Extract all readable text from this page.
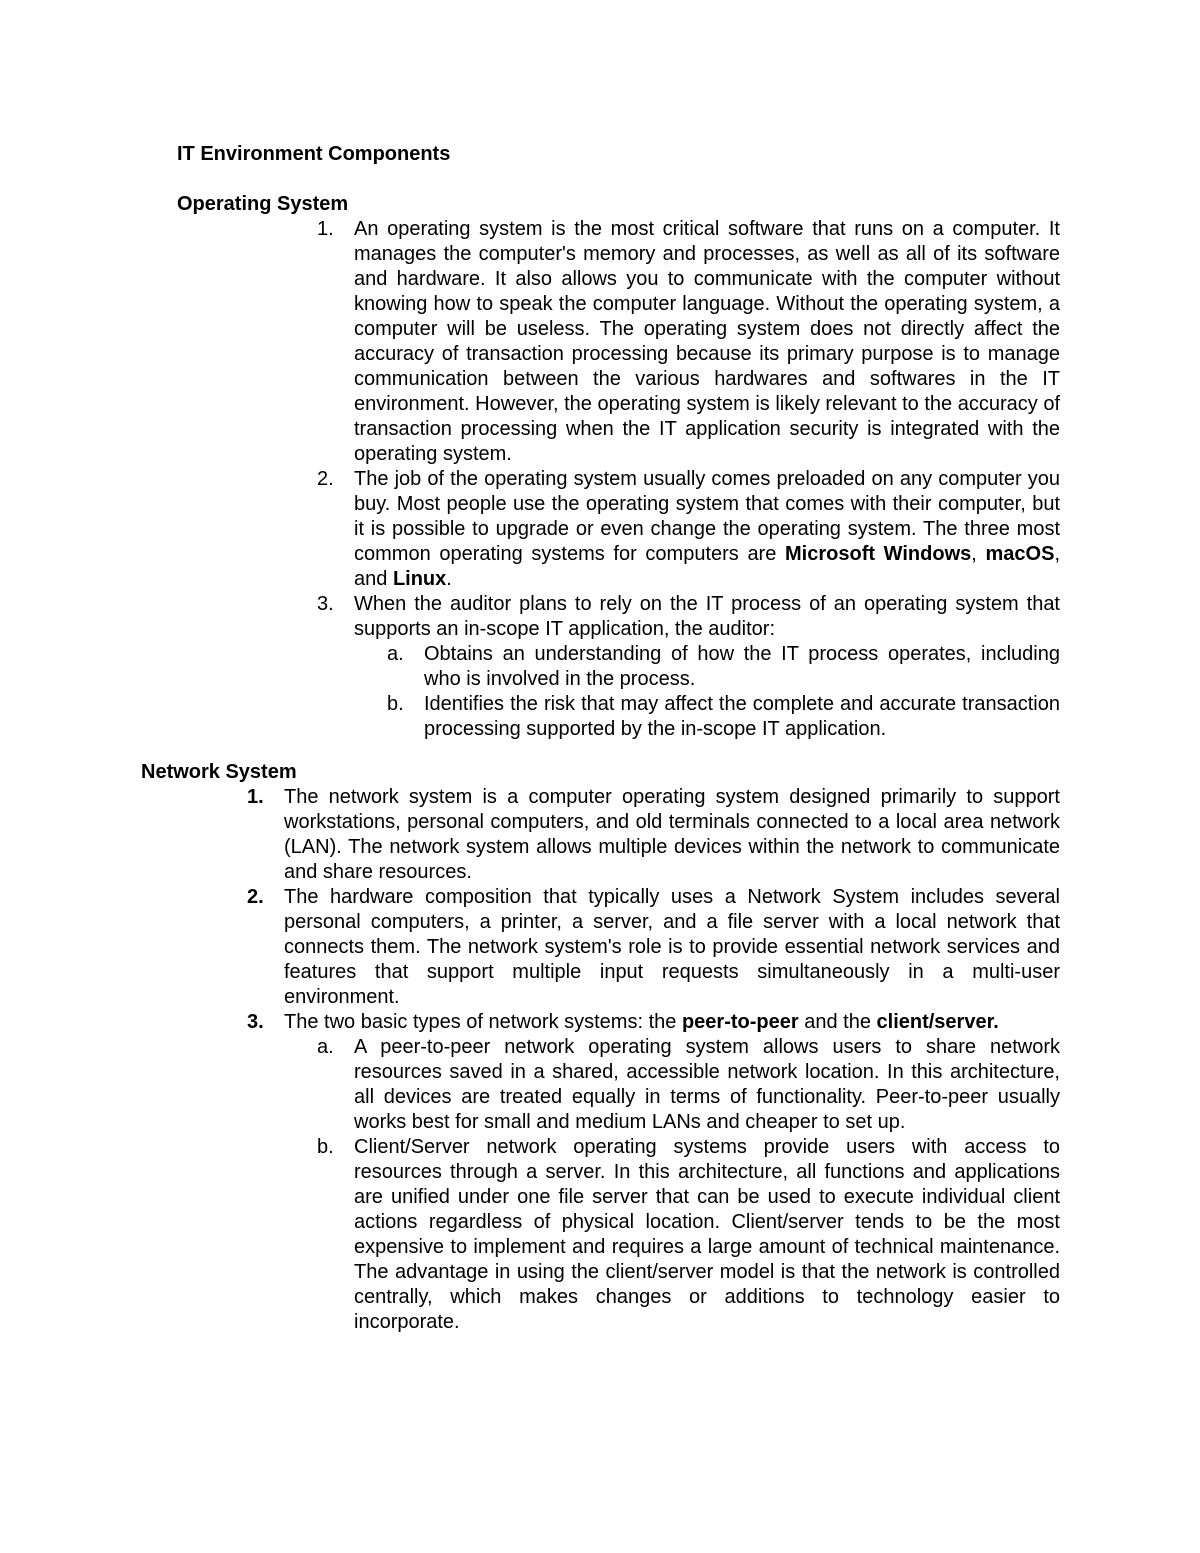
IT Environment Components
Operating System
1. An operating system is the most critical software that runs on a computer. It manages the computer's memory and processes, as well as all of its software and hardware. It also allows you to communicate with the computer without knowing how to speak the computer language. Without the operating system, a computer will be useless. The operating system does not directly affect the accuracy of transaction processing because its primary purpose is to manage communication between the various hardwares and softwares in the IT environment. However, the operating system is likely relevant to the accuracy of transaction processing when the IT application security is integrated with the operating system.
2. The job of the operating system usually comes preloaded on any computer you buy. Most people use the operating system that comes with their computer, but it is possible to upgrade or even change the operating system. The three most common operating systems for computers are Microsoft Windows, macOS, and Linux.
3. When the auditor plans to rely on the IT process of an operating system that supports an in-scope IT application, the auditor:
a. Obtains an understanding of how the IT process operates, including who is involved in the process.
b. Identifies the risk that may affect the complete and accurate transaction processing supported by the in-scope IT application.
Network System
1. The network system is a computer operating system designed primarily to support workstations, personal computers, and old terminals connected to a local area network (LAN). The network system allows multiple devices within the network to communicate and share resources.
2. The hardware composition that typically uses a Network System includes several personal computers, a printer, a server, and a file server with a local network that connects them. The network system's role is to provide essential network services and features that support multiple input requests simultaneously in a multi-user environment.
3. The two basic types of network systems: the peer-to-peer and the client/server.
a. A peer-to-peer network operating system allows users to share network resources saved in a shared, accessible network location. In this architecture, all devices are treated equally in terms of functionality. Peer-to-peer usually works best for small and medium LANs and cheaper to set up.
b. Client/Server network operating systems provide users with access to resources through a server. In this architecture, all functions and applications are unified under one file server that can be used to execute individual client actions regardless of physical location. Client/server tends to be the most expensive to implement and requires a large amount of technical maintenance. The advantage in using the client/server model is that the network is controlled centrally, which makes changes or additions to technology easier to incorporate.
